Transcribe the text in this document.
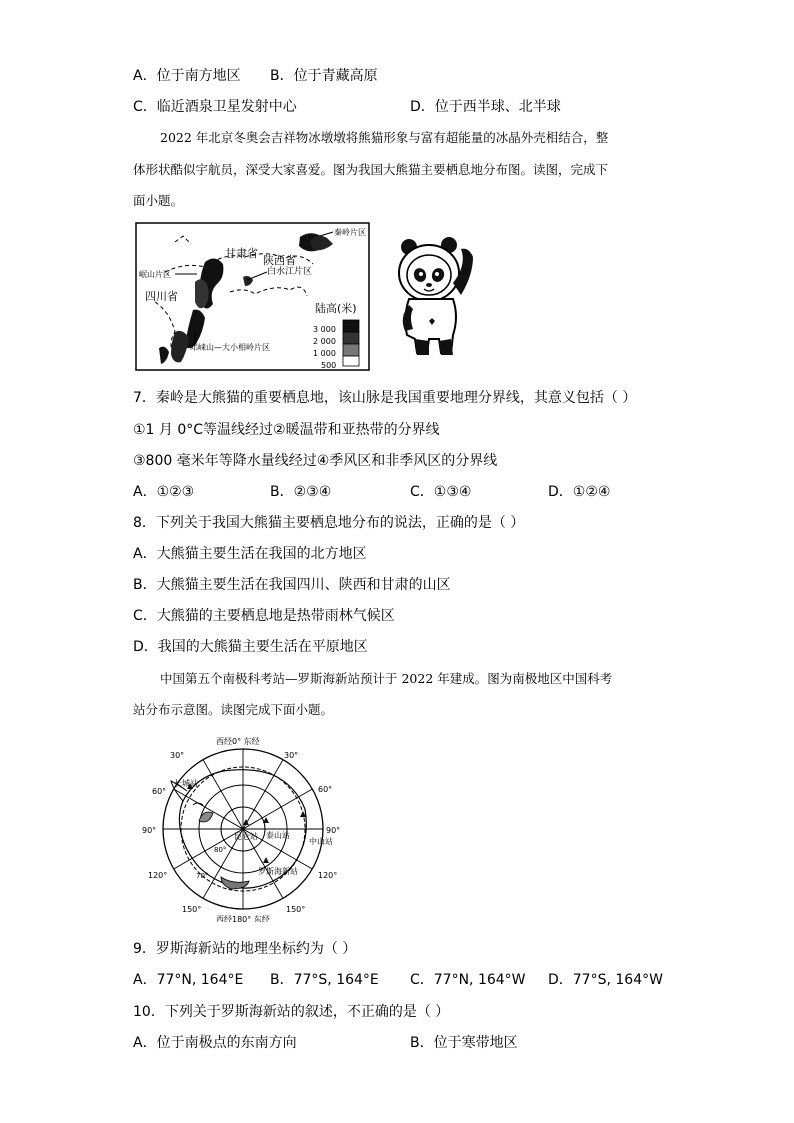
A．位于南方地区 B．位于青藏高原
C．临近酒泉卫星发射中心	D．位于西半球、北半球
2022 年北京冬奥会吉祥物冰墩墩将熊猫形象与富有超能量的冰晶外壳相结合，整
体形状酷似宇航员，深受大家喜爱。图为我国大熊猫主要栖息地分布图。读图，完成下
面小题。
秦岭片区
甘肃省
陕西省
岷山片区	白水江片区
四川省
邛崃山—大小相岭片区
陆高(米)
3 000
2 000
1 000
500
7．秦岭是大熊猫的重要栖息地，该山脉是我国重要地理分界线，其意义包括（ ）
①1 月 0°C等温线经过②暖温带和亚热带的分界线
③800 毫米年等降水量线经过④季风区和非季风区的分界线
A．①②③	B．②③④	C．①③④	D．①②④
8．下列关于我国大熊猫主要栖息地分布的说法，正确的是（ ）
A．大熊猫主要生活在我国的北方地区
B．大熊猫主要生活在我国四川、陕西和甘肃的山区
C．大熊猫的主要栖息地是热带雨林气候区
D．我国的大熊猫主要生活在平原地区
中国第五个南极科考站—罗斯海新站预计于 2022 年建成。图为南极地区中国科考
站分布示意图。读图完成下面小题。
西经0° 东经
西经180° 东经
30°	30°
60°	60°
90°	90°
120°	120°
150°	150°
长城站
中山站
昆仑站 泰山站
罗斯海新站
80°
70°
9．罗斯海新站的地理坐标约为（ ）
A．77°N, 164°E B．77°S, 164°E C．77°N, 164°W D．77°S, 164°W
10．下列关于罗斯海新站的叙述，不正确的是（ ）
A．位于南极点的东南方向	B．位于寒带地区
